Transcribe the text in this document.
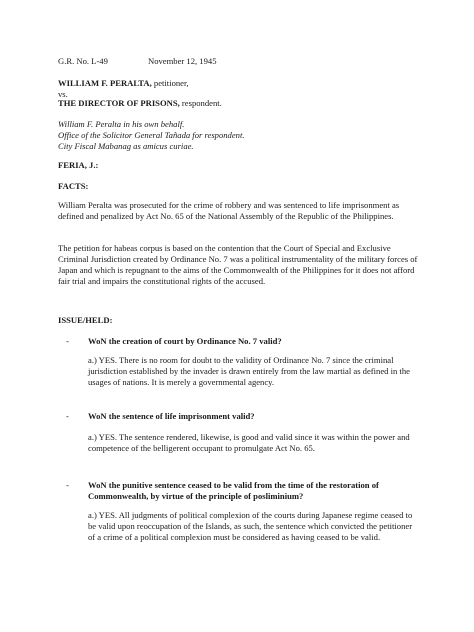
G.R. No. L-49	November 12, 1945
WILLIAM F. PERALTA, petitioner,
vs.
THE DIRECTOR OF PRISONS, respondent.
William F. Peralta in his own behalf.
Office of the Solicitor General Tañada for respondent.
City Fiscal Mabanag as amicus curiae.
FERIA, J.:
FACTS:
William Peralta was prosecuted for the crime of robbery and was sentenced to life imprisonment as defined and penalized by Act No. 65 of the National Assembly of the Republic of the Philippines.
The petition for habeas corpus is based on the contention that the Court of Special and Exclusive Criminal Jurisdiction created by Ordinance No. 7 was a political instrumentality of the military forces of Japan and which is repugnant to the aims of the Commonwealth of the Philippines for it does not afford fair trial and impairs the constitutional rights of the accused.
ISSUE/HELD:
- WoN the creation of court by Ordinance No. 7 valid?
a.) YES. There is no room for doubt to the validity of Ordinance No. 7 since the criminal jurisdiction established by the invader is drawn entirely from the law martial as defined in the usages of nations. It is merely a governmental agency.
- WoN the sentence of life imprisonment valid?
a.) YES. The sentence rendered, likewise, is good and valid since it was within the power and competence of the belligerent occupant to promulgate Act No. 65.
- WoN the punitive sentence ceased to be valid from the time of the restoration of Commonwealth, by virtue of the principle of posliminium?
a.) YES. All judgments of political complexion of the courts during Japanese regime ceased to be valid upon reoccupation of the Islands, as such, the sentence which convicted the petitioner of a crime of a political complexion must be considered as having ceased to be valid.
